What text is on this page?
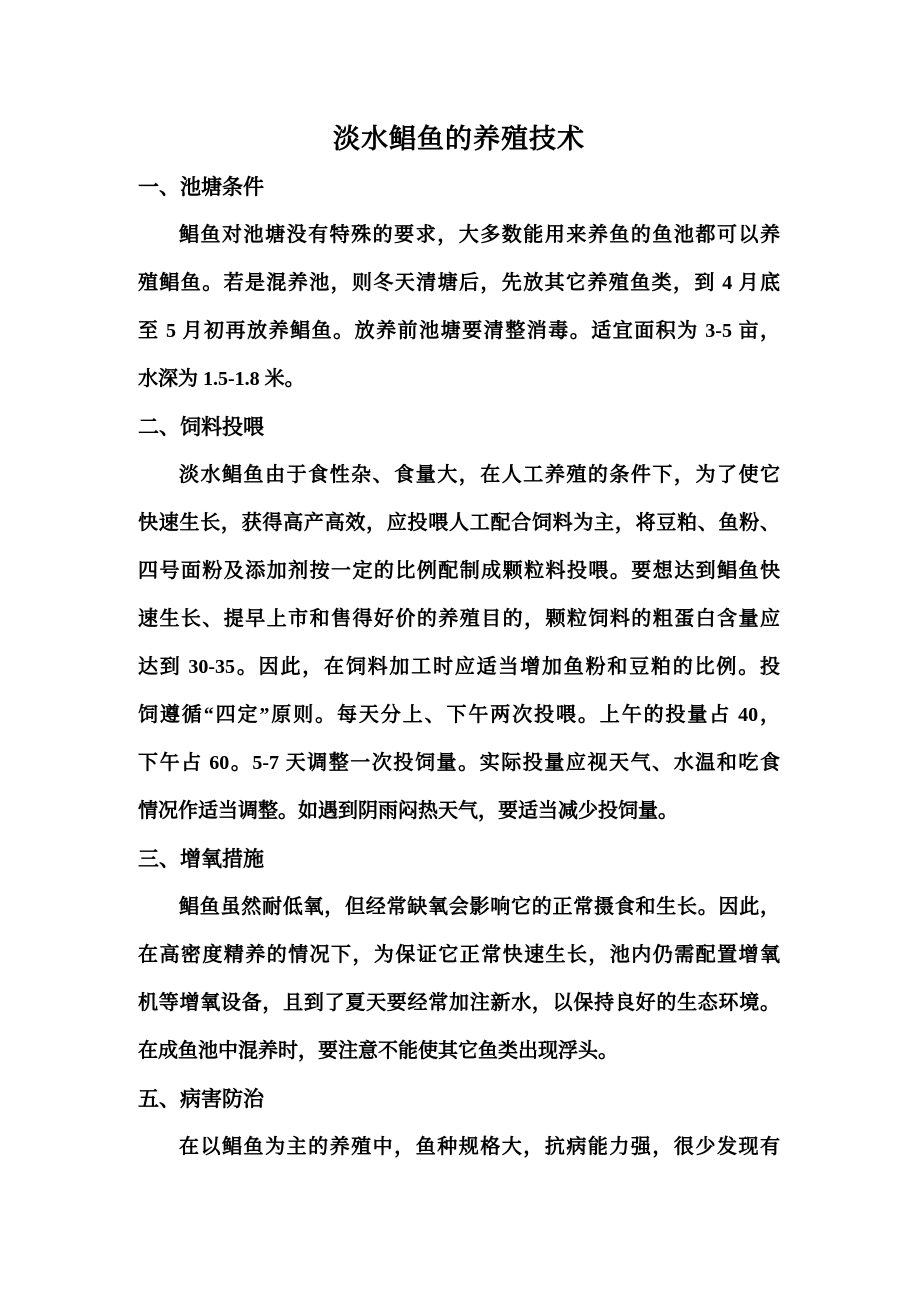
淡水鲳鱼的养殖技术
一、池塘条件
鲳鱼对池塘没有特殊的要求，大多数能用来养鱼的鱼池都可以养
殖鲳鱼。若是混养池，则冬天清塘后，先放其它养殖鱼类，到 4 月底
至 5 月初再放养鲳鱼。放养前池塘要清整消毒。适宜面积为 3-5 亩，
水深为 1.5-1.8 米。
二、饲料投喂
淡水鲳鱼由于食性杂、食量大，在人工养殖的条件下，为了使它
快速生长，获得高产高效，应投喂人工配合饲料为主，将豆粕、鱼粉、
四号面粉及添加剂按一定的比例配制成颗粒料投喂。要想达到鲳鱼快
速生长、提早上市和售得好价的养殖目的，颗粒饲料的粗蛋白含量应
达到 30-35。因此，在饲料加工时应适当增加鱼粉和豆粕的比例。投
饲遵循“四定”原则。每天分上、下午两次投喂。上午的投量占 40，
下午占 60。5-7 天调整一次投饲量。实际投量应视天气、水温和吃食
情况作适当调整。如遇到阴雨闷热天气，要适当减少投饲量。
三、增氧措施
鲳鱼虽然耐低氧，但经常缺氧会影响它的正常摄食和生长。因此，
在高密度精养的情况下，为保证它正常快速生长，池内仍需配置增氧
机等增氧设备，且到了夏天要经常加注新水，以保持良好的生态环境。
在成鱼池中混养时，要注意不能使其它鱼类出现浮头。
五、病害防治
在以鲳鱼为主的养殖中，鱼种规格大，抗病能力强，很少发现有
